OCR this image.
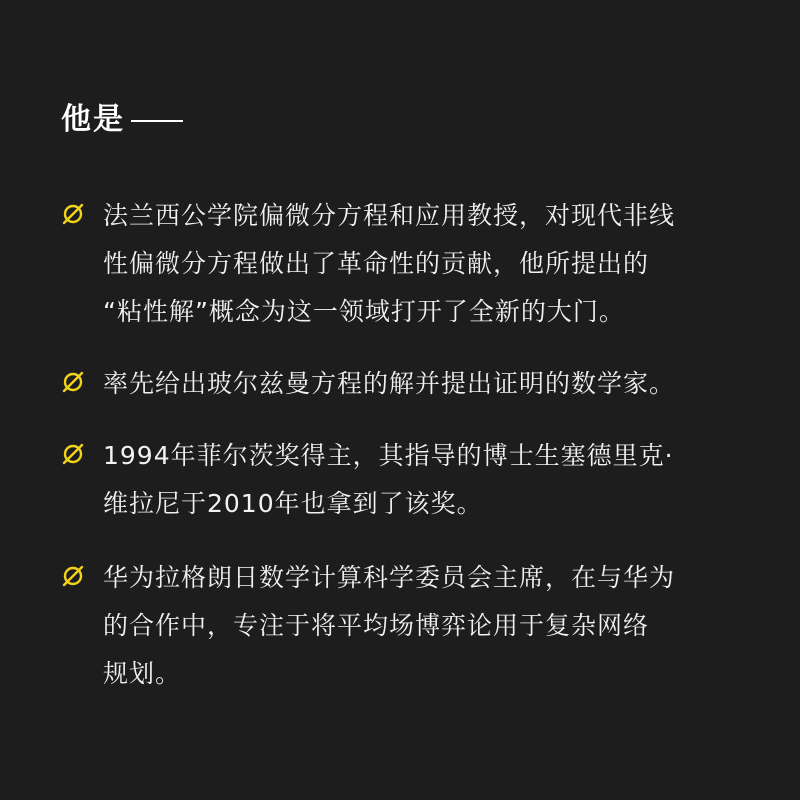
他是
法兰西公学院偏微分方程和应用教授，对现代非线
性偏微分方程做出了革命性的贡献，他所提出的
“粘性解”概念为这一领域打开了全新的大门。
率先给出玻尔兹曼方程的解并提出证明的数学家。
1994年菲尔茨奖得主，其指导的博士生塞德里克·
维拉尼于2010年也拿到了该奖。
华为拉格朗日数学计算科学委员会主席，在与华为
的合作中，专注于将平均场博弈论用于复杂网络
规划。
